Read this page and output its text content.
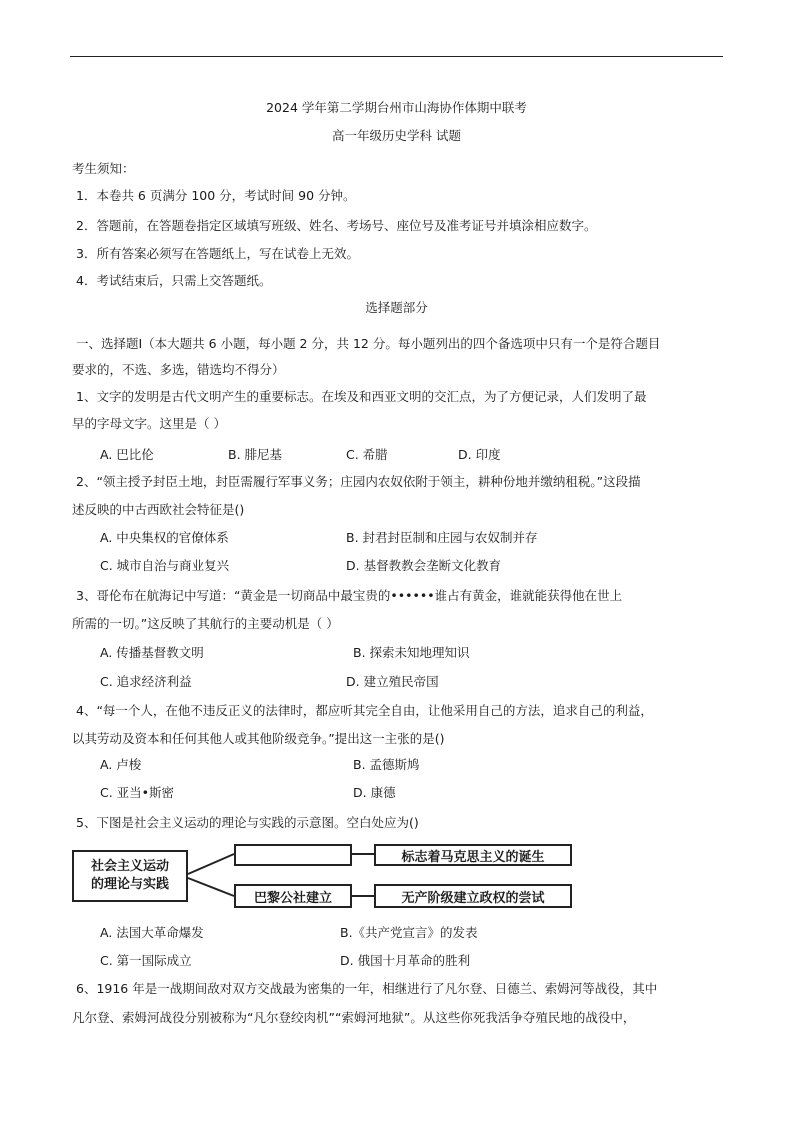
2024 学年第二学期台州市山海协作体期中联考
高一年级历史学科 试题
考生须知：
1．本卷共 6 页满分 100 分，考试时间 90 分钟。
2．答题前，在答题卷指定区域填写班级、姓名、考场号、座位号及准考证号并填涂相应数字。
3．所有答案必须写在答题纸上，写在试卷上无效。
4．考试结束后，只需上交答题纸。
选择题部分
一、选择题Ⅰ（本大题共 6 小题，每小题 2 分，共 12 分。每小题列出的四个备选项中只有一个是符合题目
要求的，不选、多选，错选均不得分）
1、文字的发明是古代文明产生的重要标志。在埃及和西亚文明的交汇点，为了方便记录，人们发明了最
早的字母文字。这里是（ ）
A. 巴比伦	B. 腓尼基	C. 希腊	D. 印度
2、“领主授予封臣土地，封臣需履行军事义务；庄园内农奴依附于领主，耕种份地并缴纳租税。”这段描
述反映的中古西欧社会特征是()
A. 中央集权的官僚体系	B. 封君封臣制和庄园与农奴制并存
C. 城市自治与商业复兴	D. 基督教教会垄断文化教育
3、哥伦布在航海记中写道：“黄金是一切商品中最宝贵的••••••谁占有黄金，谁就能获得他在世上
所需的一切。”这反映了其航行的主要动机是（ ）
A. 传播基督教文明	B. 探索未知地理知识
C. 追求经济利益	D. 建立殖民帝国
4、“每一个人，在他不违反正义的法律时，都应听其完全自由，让他采用自己的方法，追求自己的利益，
以其劳动及资本和任何其他人或其他阶级竞争。”提出这一主张的是()
A. 卢梭	B. 孟德斯鸠
C. 亚当•斯密	D. 康德
5、下图是社会主义运动的理论与实践的示意图。空白处应为()
社会主义运动
的理论与实践
巴黎公社建立
标志着马克思主义的诞生
无产阶级建立政权的尝试
A. 法国大革命爆发	B.《共产党宣言》的发表
C. 第一国际成立	D. 俄国十月革命的胜利
6、1916 年是一战期间敌对双方交战最为密集的一年，相继进行了凡尔登、日德兰、索姆河等战役，其中
凡尔登、索姆河战役分别被称为“凡尔登绞肉机”“索姆河地狱”。从这些你死我活争夺殖民地的战役中，
